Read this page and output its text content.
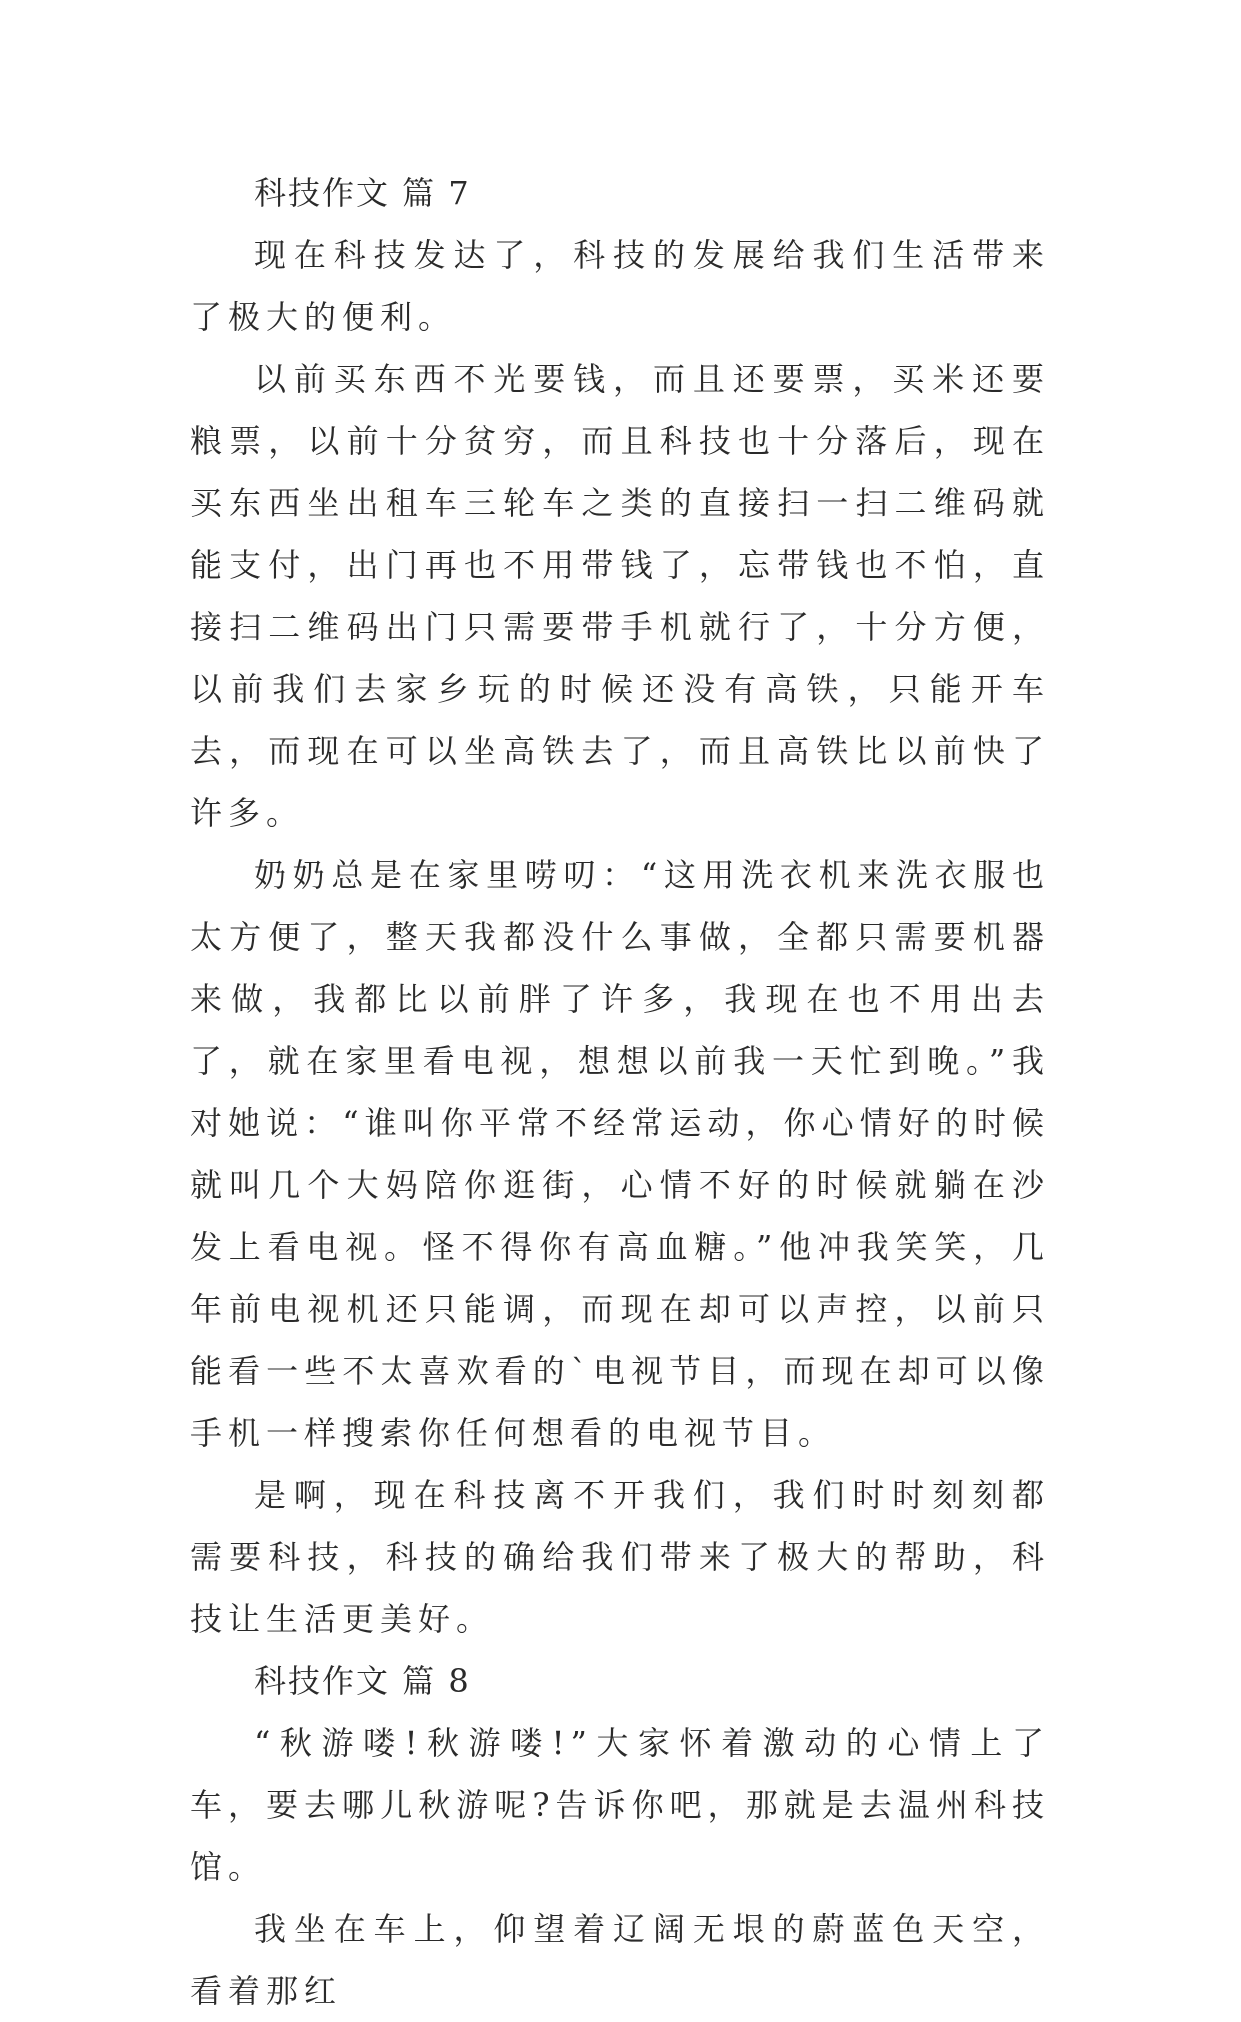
科技作文 篇 7

现在科技发达了，科技的发展给我们生活带来了极大的便利。

以前买东西不光要钱，而且还要票，买米还要粮票，以前十分贫穷，而且科技也十分落后，现在买东西坐出租车三轮车之类的直接扫一扫二维码就能支付，出门再也不用带钱了，忘带钱也不怕，直接扫二维码出门只需要带手机就行了，十分方便，以前我们去家乡玩的时候还没有高铁，只能开车去，而现在可以坐高铁去了，而且高铁比以前快了许多。

奶奶总是在家里唠叨：“这用洗衣机来洗衣服也太方便了，整天我都没什么事做，全都只需要机器来做，我都比以前胖了许多，我现在也不用出去了，就在家里看电视，想想以前我一天忙到晚。”我对她说：“谁叫你平常不经常运动，你心情好的时候就叫几个大妈陪你逛街，心情不好的时候就躺在沙发上看电视。怪不得你有高血糖。”他冲我笑笑，几年前电视机还只能调，而现在却可以声控，以前只能看一些不太喜欢看的`电视节目，而现在却可以像手机一样搜索你任何想看的电视节目。

是啊，现在科技离不开我们，我们时时刻刻都需要科技，科技的确给我们带来了极大的帮助，科技让生活更美好。

科技作文 篇 8

“秋游喽!秋游喽!”大家怀着激动的心情上了车，要去哪儿秋游呢?告诉你吧，那就是去温州科技馆。

我坐在车上，仰望着辽阔无垠的蔚蓝色天空，看着那红
